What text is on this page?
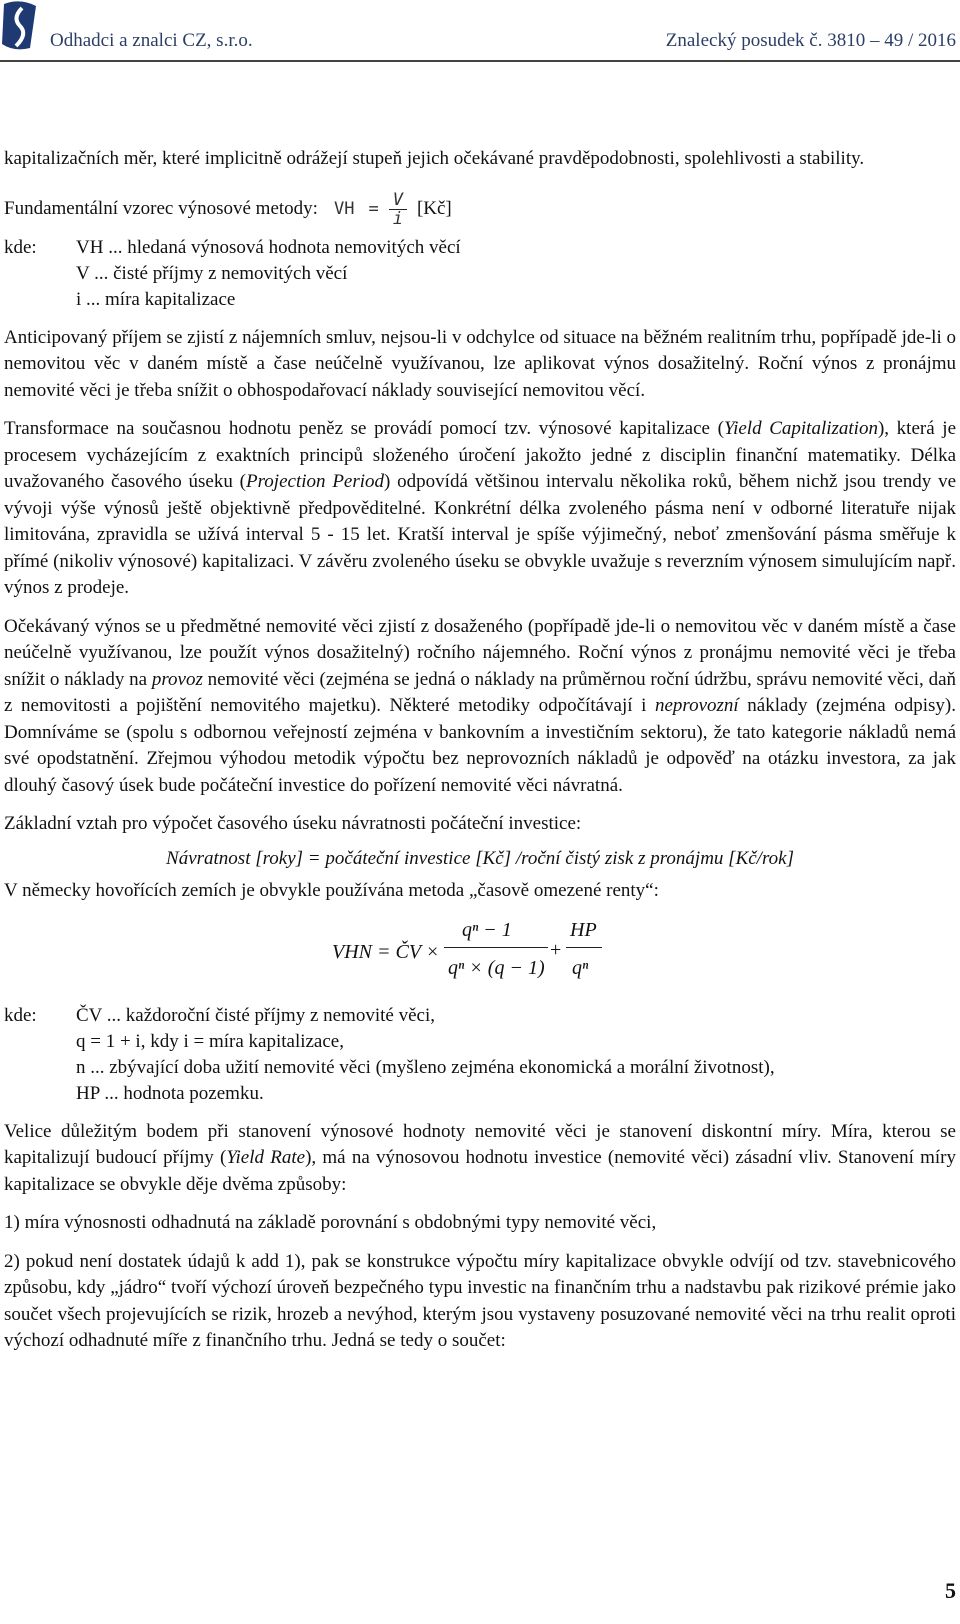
Odhadci a znalci CZ, s.r.o.	Znalecký posudek č. 3810 – 49 / 2016

kapitalizačních měr, které implicitně odrážejí stupeň jejich očekávané pravděpodobnosti, spolehlivosti a stability.

Fundamentální vzorec výnosové metody: VH = $\frac{V}{i}$ [Kč]
kde:	VH ... hledaná výnosová hodnota nemovitých věcí
V ... čisté příjmy z nemovitých věcí
i ... míra kapitalizace

Anticipovaný příjem se zjistí z nájemních smluv, nejsou-li v odchylce od situace na běžném realitním trhu, popřípadě jde-li o nemovitou věc v daném místě a čase neúčelně využívanou, lze aplikovat výnos dosažitelný. Roční výnos z pronájmu nemovité věci je třeba snížit o obhospodařovací náklady související nemovitou věcí.

Transformace na současnou hodnotu peněz se provádí pomocí tzv. výnosové kapitalizace (Yield Capitalization), která je procesem vycházejícím z exaktních principů složeného úročení jakožto jedné z disciplin finanční matematiky. Délka uvažovaného časového úseku (Projection Period) odpovídá většinou intervalu několika roků, během nichž jsou trendy ve vývoji výše výnosů ještě objektivně předpověditelné. Konkrétní délka zvoleného pásma není v odborné literatuře nijak limitována, zpravidla se užívá interval 5 - 15 let. Kratší interval je spíše výjimečný, neboť zmenšování pásma směřuje k přímé (nikoliv výnosové) kapitalizaci. V závěru zvoleného úseku se obvykle uvažuje s reverzním výnosem simulujícím např. výnos z prodeje.

Očekávaný výnos se u předmětné nemovité věci zjistí z dosaženého (popřípadě jde-li o nemovitou věc v daném místě a čase neúčelně využívanou, lze použít výnos dosažitelný) ročního nájemného. Roční výnos z pronájmu nemovité věci je třeba snížit o náklady na provoz nemovité věci (zejména se jedná o náklady na průměrnou roční údržbu, správu nemovité věci, daň z nemovitosti a pojištění nemovitého majetku). Některé metodiky odpočítávají i neprovozní náklady (zejména odpisy). Domníváme se (spolu s odbornou veřejností zejména v bankovním a investičním sektoru), že tato kategorie nákladů nemá své opodstatnění. Zřejmou výhodou metodik výpočtu bez neprovozních nákladů je odpověď na otázku investora, za jak dlouhý časový úsek bude počáteční investice do pořízení nemovité věci návratná.

Základní vztah pro výpočet časového úseku návratnosti počáteční investice:

Návratnost [roky] = počáteční investice [Kč] /roční čistý zisk z pronájmu [Kč/rok]

V německy hovořících zemích je obvykle používána metoda „časově omezené renty“:

VHN = ČV ×
qⁿ − 1
qⁿ × (q − 1)
+
HP
qⁿ
kde:	ČV ... každoroční čisté příjmy z nemovité věci,
q = 1 + i, kdy i = míra kapitalizace,
n ... zbývající doba užití nemovité věci (myšleno zejména ekonomická a morální životnost),
HP ... hodnota pozemku.

Velice důležitým bodem při stanovení výnosové hodnoty nemovité věci je stanovení diskontní míry. Míra, kterou se kapitalizují budoucí příjmy (Yield Rate), má na výnosovou hodnotu investice (nemovité věci) zásadní vliv. Stanovení míry kapitalizace se obvykle děje dvěma způsoby:

1) míra výnosnosti odhadnutá na základě porovnání s obdobnými typy nemovité věci,

2) pokud není dostatek údajů k add 1), pak se konstrukce výpočtu míry kapitalizace obvykle odvíjí od tzv. stavebnicového způsobu, kdy „jádro“ tvoří výchozí úroveň bezpečného typu investic na finančním trhu a nadstavbu pak rizikové prémie jako součet všech projevujících se rizik, hrozeb a nevýhod, kterým jsou vystaveny posuzované nemovité věci na trhu realit oproti výchozí odhadnuté míře z finančního trhu. Jedná se tedy o součet:

5
